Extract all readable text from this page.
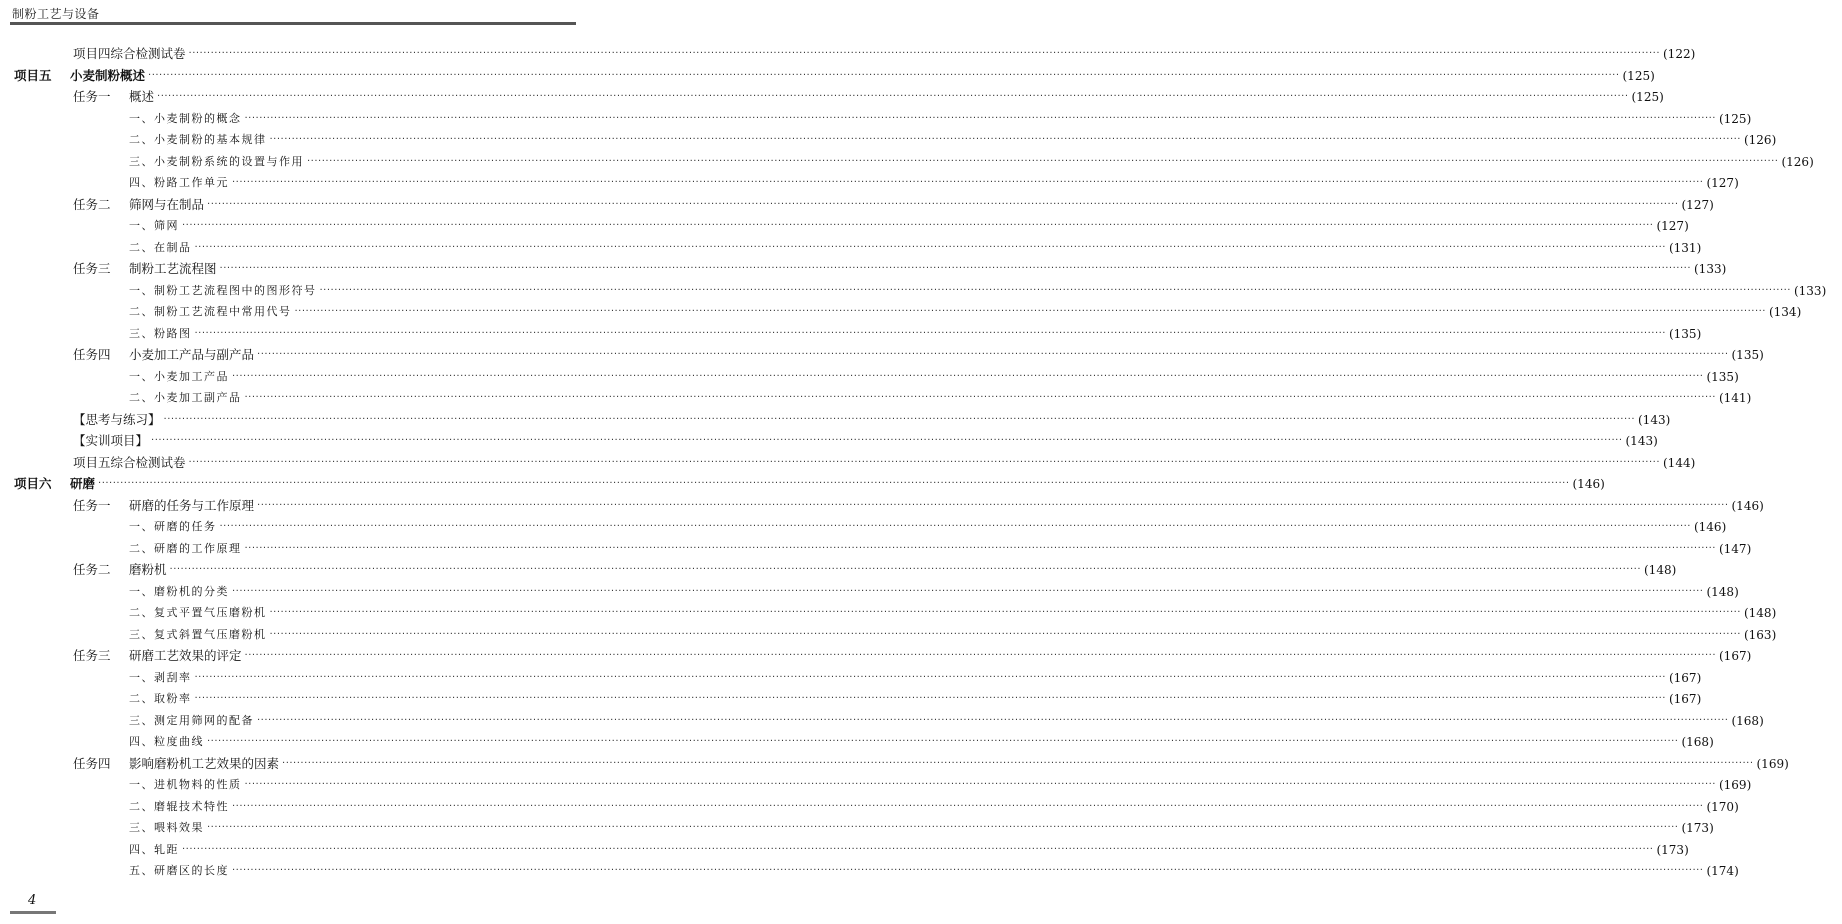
制粉工艺与设备
项目四综合检测试卷 ················································································································································································································································································································································································································ (122)
项目五	小麦制粉概述 ················································································································································································································································································································································································································ (125)
任务一	概述 ················································································································································································································································································································································································································ (125)
一、小麦制粉的概念 ················································································································································································································································································································································································································ (125)
二、小麦制粉的基本规律 ················································································································································································································································································································································································································ (126)
三、小麦制粉系统的设置与作用 ················································································································································································································································································································································································································ (126)
四、粉路工作单元 ················································································································································································································································································································································································································ (127)
任务二	筛网与在制品 ················································································································································································································································································································································································································ (127)
一、筛网 ················································································································································································································································································································································································································ (127)
二、在制品 ················································································································································································································································································································································································································ (131)
任务三	制粉工艺流程图 ················································································································································································································································································································································································································ (133)
一、制粉工艺流程图中的图形符号 ················································································································································································································································································································································································································ (133)
二、制粉工艺流程中常用代号 ················································································································································································································································································································································································································ (134)
三、粉路图 ················································································································································································································································································································································································································ (135)
任务四	小麦加工产品与副产品 ················································································································································································································································································································································································································ (135)
一、小麦加工产品 ················································································································································································································································································································································································································ (135)
二、小麦加工副产品 ················································································································································································································································································································································································································ (141)
【思考与练习】 ················································································································································································································································································································································································································ (143)
【实训项目】 ················································································································································································································································································································································································································ (143)
项目五综合检测试卷 ················································································································································································································································································································································································································ (144)
项目六	研磨 ················································································································································································································································································································································································································ (146)
任务一	研磨的任务与工作原理 ················································································································································································································································································································································································································ (146)
一、研磨的任务 ················································································································································································································································································································································································································ (146)
二、研磨的工作原理 ················································································································································································································································································································································································································ (147)
任务二	磨粉机 ················································································································································································································································································································································································································ (148)
一、磨粉机的分类 ················································································································································································································································································································································································································ (148)
二、复式平置气压磨粉机 ················································································································································································································································································································································································································ (148)
三、复式斜置气压磨粉机 ················································································································································································································································································································································································································ (163)
任务三	研磨工艺效果的评定 ················································································································································································································································································································································································································ (167)
一、剥刮率 ················································································································································································································································································································································································································ (167)
二、取粉率 ················································································································································································································································································································································································································ (167)
三、测定用筛网的配备 ················································································································································································································································································································································································································ (168)
四、粒度曲线 ················································································································································································································································································································································································································ (168)
任务四	影响磨粉机工艺效果的因素 ················································································································································································································································································································································································································ (169)
一、进机物料的性质 ················································································································································································································································································································································································································ (169)
二、磨辊技术特性 ················································································································································································································································································································································································································ (170)
三、喂料效果 ················································································································································································································································································································································································································ (173)
四、轧距 ················································································································································································································································································································································································································ (173)
五、研磨区的长度 ················································································································································································································································································································································································································ (174)
4
